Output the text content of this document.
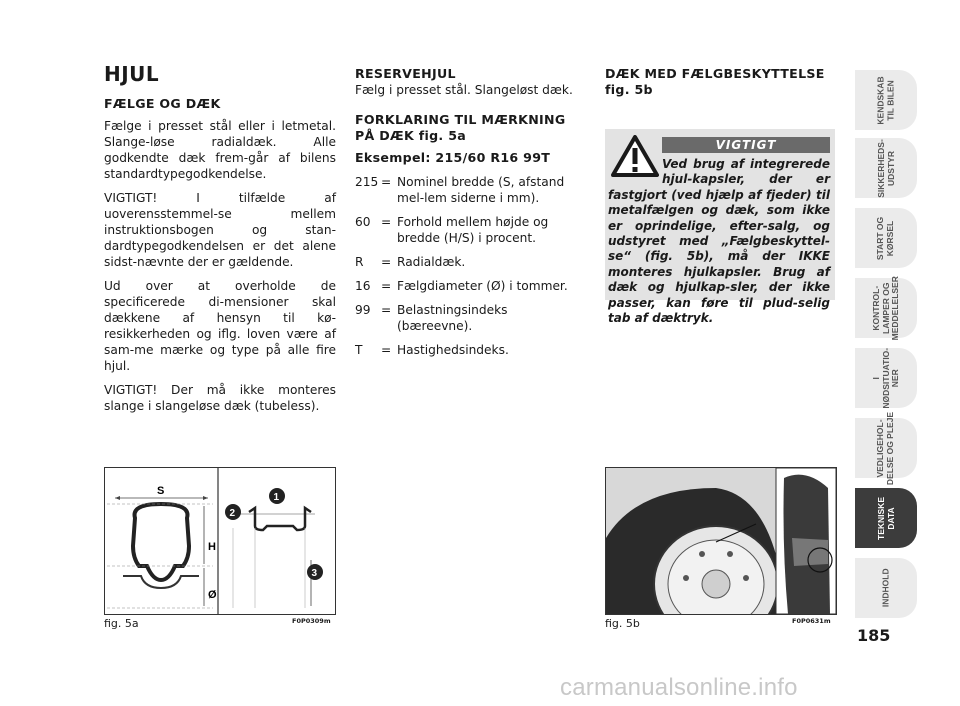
HJUL
FÆLGE OG DÆK

Fælge i presset stål eller i letmetal. Slange-løse radialdæk. Alle godkendte dæk frem-går af bilens standardtypegodkendelse.

VIGTIGT! I tilfælde af uoverensstemmel-se mellem instruktionsbogen og stan-dardtypegodkendelsen er det alene sidst-nævnte der er gældende.

Ud over at overholde de specificerede di-mensioner skal dækkene af hensyn til kø-resikkerheden og iflg. loven være af sam-me mærke og type på alle fire hjul.

VIGTIGT! Der må ikke monteres slange i slangeløse dæk (tubeless).

RESERVEHJUL

Fælg i presset stål. Slangeløst dæk.

FORKLARING TIL MÆRKNING PÅ DÆK fig. 5a
Eksempel: 215/60 R16 99T
215 = Nominel bredde (S, afstand mel-lem siderne i mm).
60 = Forhold mellem højde og bredde (H/S) i procent.
R	= Radialdæk.
16 = Fælgdiameter (Ø) i tommer.
99 = Belastningsindeks (bæreevne).
T	= Hastighedsindeks.
DÆK MED FÆLGBESKYTTELSE
fig. 5b
VIGTIGT
Ved brug af integrerede hjul-kapsler, der er fastgjort (ved hjælp af fjeder) til metalfælgen og dæk, som ikke er oprindelige, efter-salg, og udstyret med „Fælgbeskyttel-se“ (fig. 5b), må der IKKE monteres hjulkapsler. Brug af dæk og hjulkap-sler, der ikke passer, kan føre til plud-selig tab af dæktryk.
S
H
Ø
1
2
3
fig. 5a	F0P0309m	fig. 5b	F0P0631m
KENDSKAB
TIL BILEN
SIKKERHEDS-
UDSTYR
START OG
KØRSEL
KONTROL-
LAMPER OG
MEDDELELSER
I
NØDSITUATIO-
NER
VEDLIGEHOL-
DELSE OG PLEJE
TEKNISKE
DATA
INDHOLD
185
carmanualsonline.info
